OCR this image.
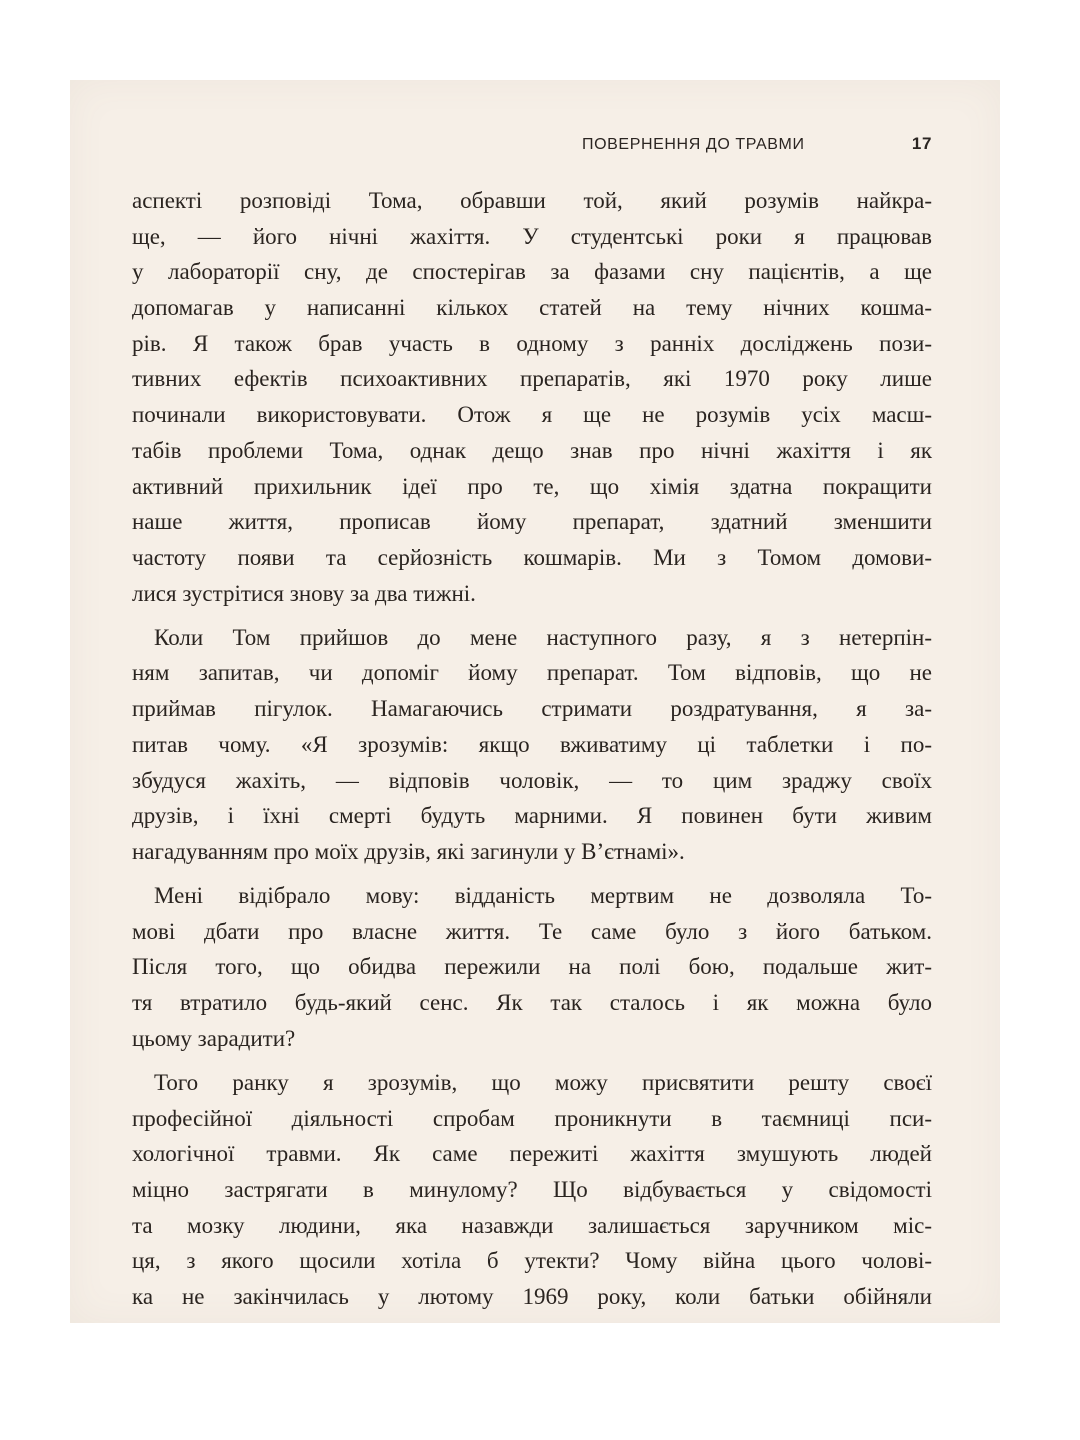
ПОВЕРНЕННЯ ДО ТРАВМИ	17
аспекті розповіді Тома, обравши той, який розумів найкра-
ще, — його нічні жахіття. У студентські роки я працював
у лабораторії сну, де спостерігав за фазами сну пацієнтів, а ще
допомагав у написанні кількох статей на тему нічних кошма-
рів. Я також брав участь в одному з ранніх досліджень пози-
тивних ефектів психоактивних препаратів, які 1970 року лише
починали використовувати. Отож я ще не розумів усіх масш-
табів проблеми Тома, однак дещо знав про нічні жахіття і як
активний прихильник ідеї про те, що хімія здатна покращити
наше життя, прописав йому препарат, здатний зменшити
частоту появи та серйозність кошмарів. Ми з Томом домови-
лися зустрітися знову за два тижні.
Коли Том прийшов до мене наступного разу, я з нетерпін-
ням запитав, чи допоміг йому препарат. Том відповів, що не
приймав пігулок. Намагаючись стримати роздратування, я за-
питав чому. «Я зрозумів: якщо вживатиму ці таблетки і по-
збудуся жахіть, — відповів чоловік, — то цим зраджу своїх
друзів, і їхні смерті будуть марними. Я повинен бути живим
нагадуванням про моїх друзів, які загинули у В’єтнамі».
Мені відібрало мову: відданість мертвим не дозволяла То-
мові дбати про власне життя. Те саме було з його батьком.
Після того, що обидва пережили на полі бою, подальше жит-
тя втратило будь-який сенс. Як так сталось і як можна було
цьому зарадити?
Того ранку я зрозумів, що можу присвятити решту своєї
професійної діяльності спробам проникнути в таємниці пси-
хологічної травми. Як саме пережиті жахіття змушують людей
міцно застрягати в минулому? Що відбувається у свідомості
та мозку людини, яка назавжди залишається заручником міс-
ця, з якого щосили хотіла б утекти? Чому війна цього чолові-
ка не закінчилась у лютому 1969 року, коли батьки обійняли
